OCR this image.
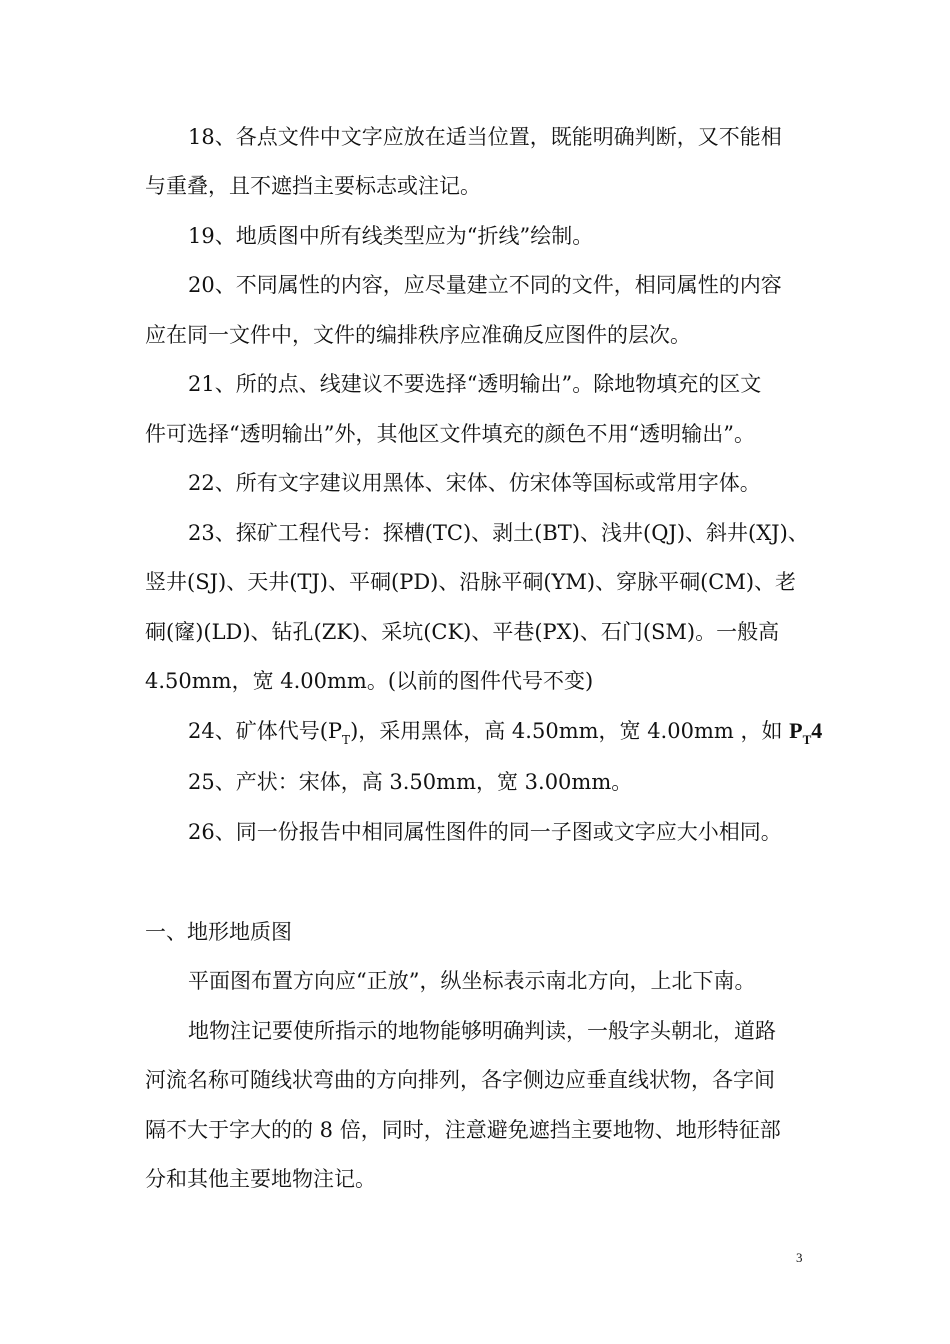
18、各点文件中文字应放在适当位置，既能明确判断，又不能相
与重叠，且不遮挡主要标志或注记。
19、地质图中所有线类型应为“折线”绘制。
20、不同属性的内容，应尽量建立不同的文件，相同属性的内容
应在同一文件中，文件的编排秩序应准确反应图件的层次。
21、所的点、线建议不要选择“透明输出”。除地物填充的区文
件可选择“透明输出”外，其他区文件填充的颜色不用“透明输出”。
22、所有文字建议用黑体、宋体、仿宋体等国标或常用字体。
23、探矿工程代号：探槽(TC)、剥土(BT)、浅井(QJ)、斜井(XJ)、
竖井(SJ)、天井(TJ)、平硐(PD)、沿脉平硐(YM)、穿脉平硐(CM)、老
硐(窿)(LD)、钻孔(ZK)、采坑(CK)、平巷(PX)、石门(SM)。一般高
4.50mm，宽 4.00mm。(以前的图件代号不变)
24、矿体代号$(P_T)$，采用黑体，高 4.50mm，宽 4.00mm ，如 $P_T4$
25、产状：宋体，高 3.50mm，宽 3.00mm。
26、同一份报告中相同属性图件的同一子图或文字应大小相同。
一、地形地质图
平面图布置方向应“正放”，纵坐标表示南北方向，上北下南。
地物注记要使所指示的地物能够明确判读，一般字头朝北，道路
河流名称可随线状弯曲的方向排列，各字侧边应垂直线状物，各字间
隔不大于字大的的 8 倍，同时，注意避免遮挡主要地物、地形特征部
分和其他主要地物注记。
3
